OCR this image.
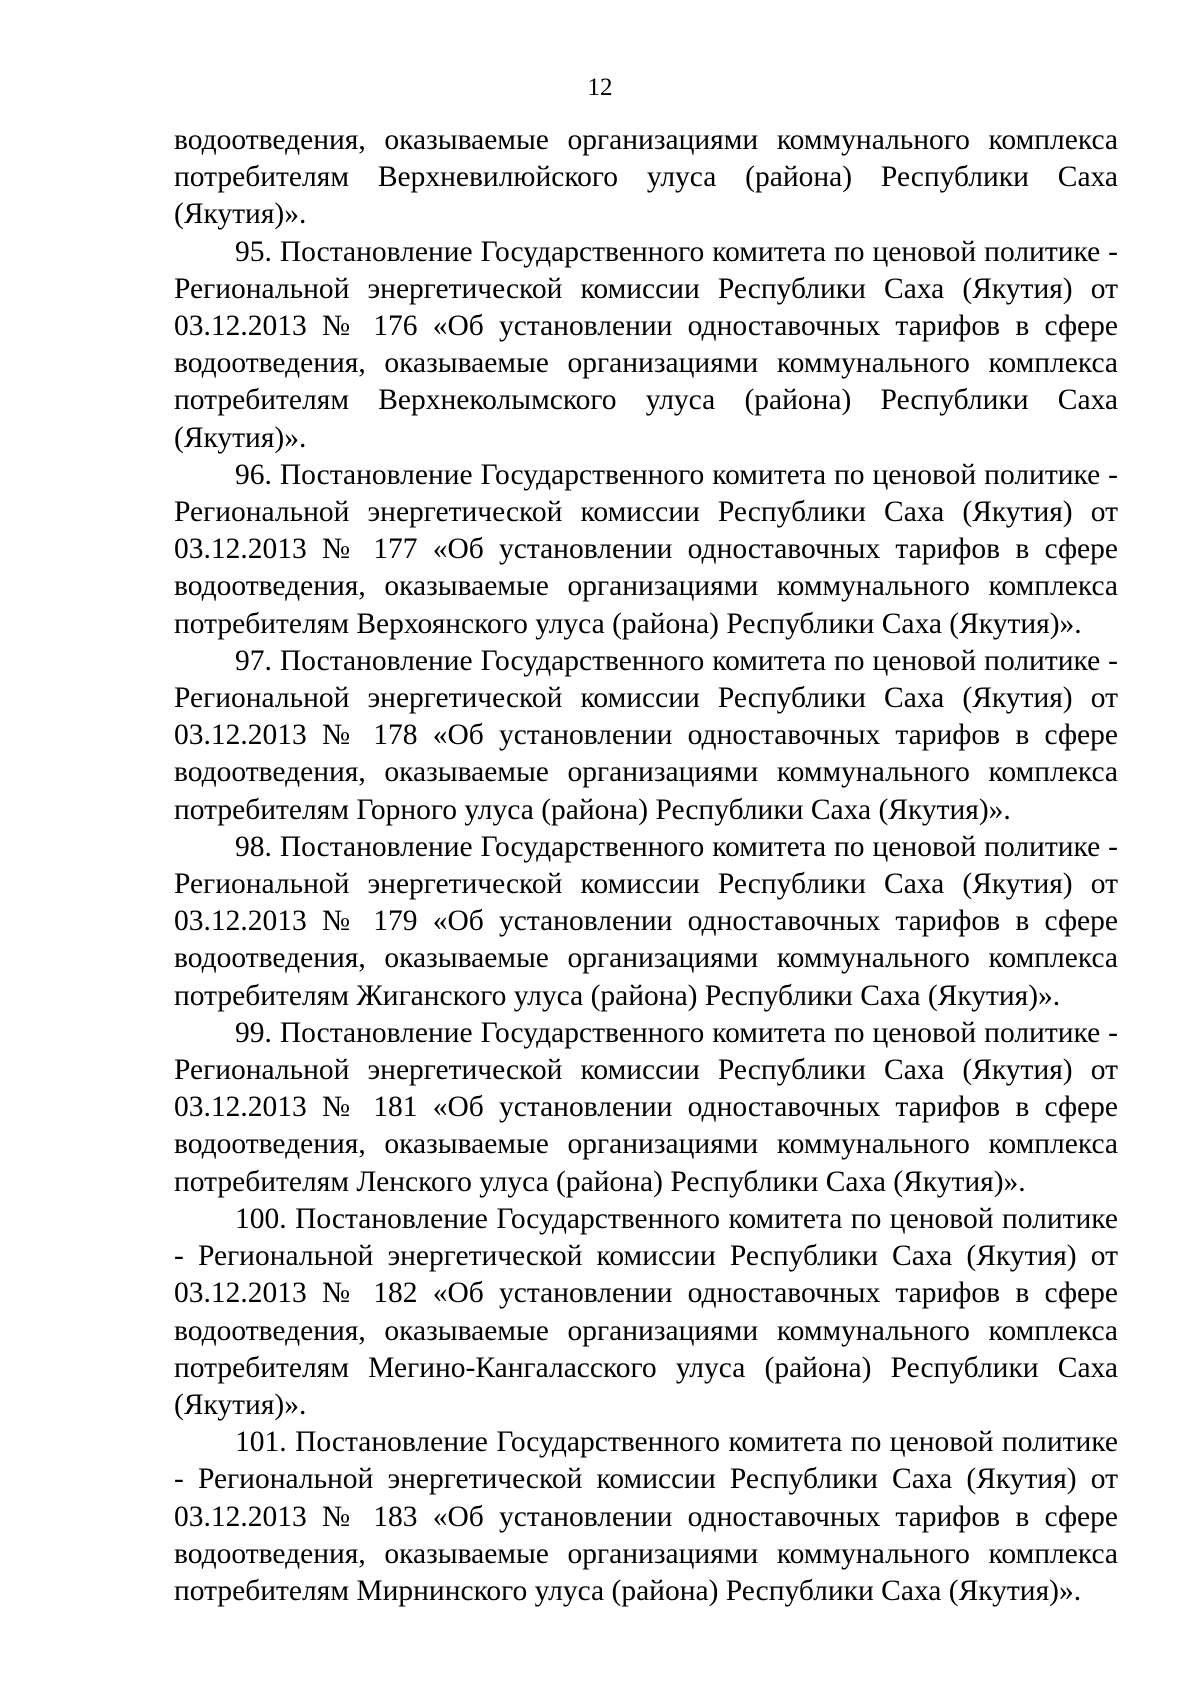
12

водоотведения, оказываемые организациями коммунального комплекса потребителям Верхневилюйского улуса (района) Республики Саха (Якутия)».

95. Постановление Государственного комитета по ценовой политике - Региональной энергетической комиссии Республики Саха (Якутия) от 03.12.2013 № 176 «Об установлении одноставочных тарифов в сфере водоотведения, оказываемые организациями коммунального комплекса потребителям Верхнеколымского улуса (района) Республики Саха (Якутия)».

96. Постановление Государственного комитета по ценовой политике - Региональной энергетической комиссии Республики Саха (Якутия) от 03.12.2013 № 177 «Об установлении одноставочных тарифов в сфере водоотведения, оказываемые организациями коммунального комплекса потребителям Верхоянского улуса (района) Республики Саха (Якутия)».

97. Постановление Государственного комитета по ценовой политике - Региональной энергетической комиссии Республики Саха (Якутия) от 03.12.2013 № 178 «Об установлении одноставочных тарифов в сфере водоотведения, оказываемые организациями коммунального комплекса потребителям Горного улуса (района) Республики Саха (Якутия)».

98. Постановление Государственного комитета по ценовой политике - Региональной энергетической комиссии Республики Саха (Якутия) от 03.12.2013 № 179 «Об установлении одноставочных тарифов в сфере водоотведения, оказываемые организациями коммунального комплекса потребителям Жиганского улуса (района) Республики Саха (Якутия)».

99. Постановление Государственного комитета по ценовой политике - Региональной энергетической комиссии Республики Саха (Якутия) от 03.12.2013 № 181 «Об установлении одноставочных тарифов в сфере водоотведения, оказываемые организациями коммунального комплекса потребителям Ленского улуса (района) Республики Саха (Якутия)».

100. Постановление Государственного комитета по ценовой политике - Региональной энергетической комиссии Республики Саха (Якутия) от 03.12.2013 № 182 «Об установлении одноставочных тарифов в сфере водоотведения, оказываемые организациями коммунального комплекса потребителям Мегино-Кангаласского улуса (района) Республики Саха (Якутия)».

101. Постановление Государственного комитета по ценовой политике - Региональной энергетической комиссии Республики Саха (Якутия) от 03.12.2013 № 183 «Об установлении одноставочных тарифов в сфере водоотведения, оказываемые организациями коммунального комплекса потребителям Мирнинского улуса (района) Республики Саха (Якутия)».
